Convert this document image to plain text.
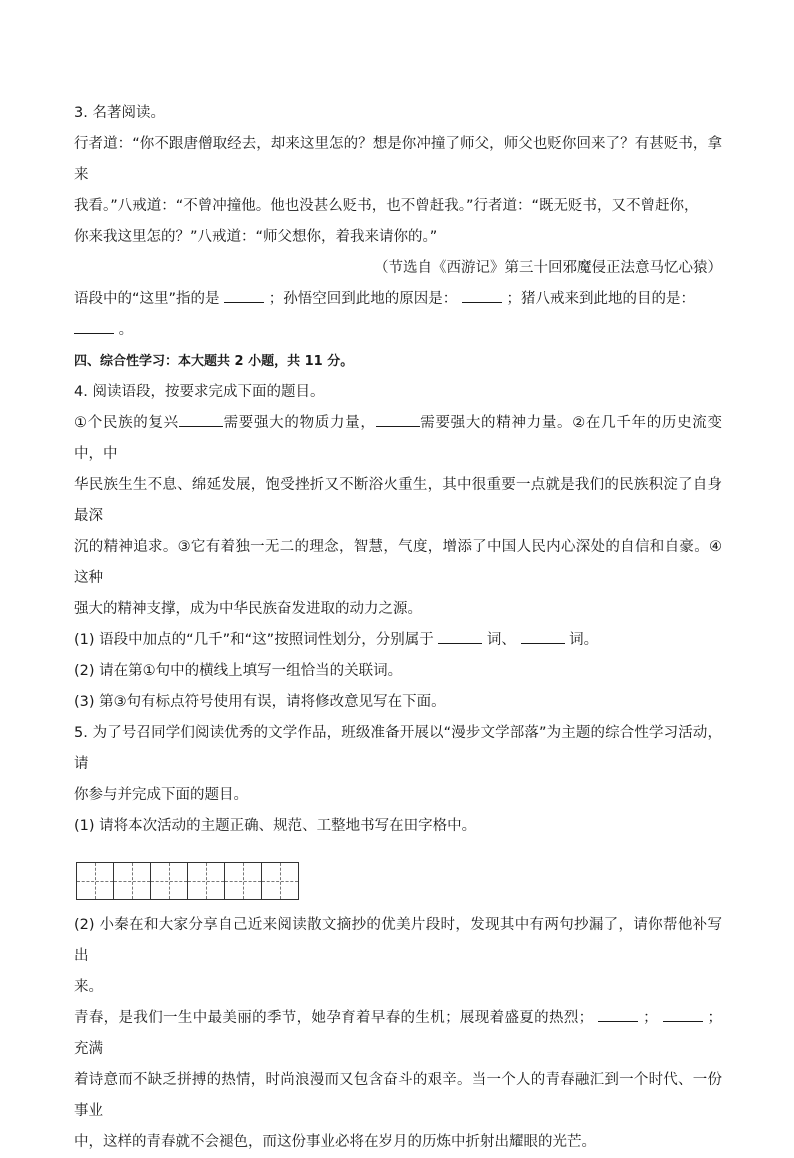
3. 名著阅读。

行者道：“你不跟唐僧取经去，却来这里怎的？想是你冲撞了师父，师父也贬你回来了？有甚贬书，拿来

我看。”八戒道：“不曾冲撞他。他也没甚么贬书，也不曾赶我。”行者道：“既无贬书，又不曾赶你，

你来我这里怎的？”八戒道：“师父想你，着我来请你的。”

（节选自《西游记》第三十回邪魔侵正法意马忆心猿）

语段中的“这里”指的是	；孙悟空回到此地的原因是：	；猪八戒来到此地的目的是：

。

四、综合性学习：本大题共 2 小题，共 11 分。

4. 阅读语段，按要求完成下面的题目。

①个民族的复兴	需要强大的物质力量，	需要强大的精神力量。②在几千年的历史流变中，中

华民族生生不息、绵延发展，饱受挫折又不断浴火重生，其中很重要一点就是我们的民族积淀了自身最深

沉的精神追求。③它有着独一无二的理念，智慧，气度，增添了中国人民内心深处的自信和自豪。④这种

强大的精神支撑，成为中华民族奋发进取的动力之源。

(1) 语段中加点的“几千”和“这”按照词性划分，分别属于	词、	词。

(2) 请在第①句中的横线上填写一组恰当的关联词。

(3) 第③句有标点符号使用有误，请将修改意见写在下面。

5. 为了号召同学们阅读优秀的文学作品，班级准备开展以“漫步文学部落”为主题的综合性学习活动，请

你参与并完成下面的题目。

(1) 请将本次活动的主题正确、规范、工整地书写在田字格中。

(2) 小秦在和大家分享自己近来阅读散文摘抄的优美片段时，发现其中有两句抄漏了，请你帮他补写出

来。

青春，是我们一生中最美丽的季节，她孕育着早春的生机；展现着盛夏的热烈；	；	；充满

着诗意而不缺乏拼搏的热情，时尚浪漫而又包含奋斗的艰辛。当一个人的青春融汇到一个时代、一份事业

中，这样的青春就不会褪色，而这份事业必将在岁月的历炼中折射出耀眼的光芒。
